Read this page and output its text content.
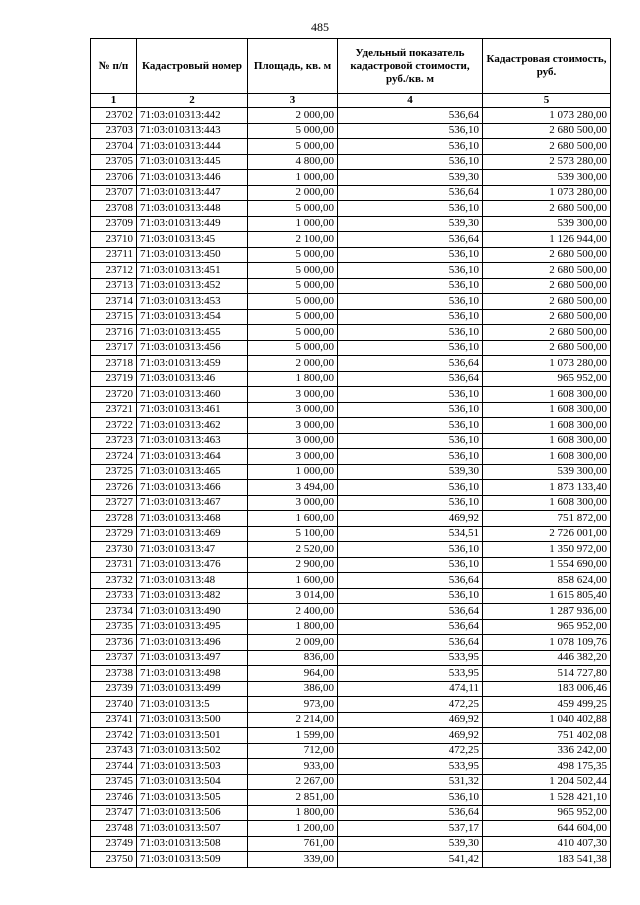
485
№ п/п	Кадастровый номер	Площадь, кв. м	Удельный показатель кадастровой стоимости, руб./кв. м	Кадастровая стоимость, руб.
1	2	3	4	5
23702	71:03:010313:442	2 000,00	536,64	1 073 280,00
23703	71:03:010313:443	5 000,00	536,10	2 680 500,00
23704	71:03:010313:444	5 000,00	536,10	2 680 500,00
23705	71:03:010313:445	4 800,00	536,10	2 573 280,00
23706	71:03:010313:446	1 000,00	539,30	539 300,00
23707	71:03:010313:447	2 000,00	536,64	1 073 280,00
23708	71:03:010313:448	5 000,00	536,10	2 680 500,00
23709	71:03:010313:449	1 000,00	539,30	539 300,00
23710	71:03:010313:45	2 100,00	536,64	1 126 944,00
23711	71:03:010313:450	5 000,00	536,10	2 680 500,00
23712	71:03:010313:451	5 000,00	536,10	2 680 500,00
23713	71:03:010313:452	5 000,00	536,10	2 680 500,00
23714	71:03:010313:453	5 000,00	536,10	2 680 500,00
23715	71:03:010313:454	5 000,00	536,10	2 680 500,00
23716	71:03:010313:455	5 000,00	536,10	2 680 500,00
23717	71:03:010313:456	5 000,00	536,10	2 680 500,00
23718	71:03:010313:459	2 000,00	536,64	1 073 280,00
23719	71:03:010313:46	1 800,00	536,64	965 952,00
23720	71:03:010313:460	3 000,00	536,10	1 608 300,00
23721	71:03:010313:461	3 000,00	536,10	1 608 300,00
23722	71:03:010313:462	3 000,00	536,10	1 608 300,00
23723	71:03:010313:463	3 000,00	536,10	1 608 300,00
23724	71:03:010313:464	3 000,00	536,10	1 608 300,00
23725	71:03:010313:465	1 000,00	539,30	539 300,00
23726	71:03:010313:466	3 494,00	536,10	1 873 133,40
23727	71:03:010313:467	3 000,00	536,10	1 608 300,00
23728	71:03:010313:468	1 600,00	469,92	751 872,00
23729	71:03:010313:469	5 100,00	534,51	2 726 001,00
23730	71:03:010313:47	2 520,00	536,10	1 350 972,00
23731	71:03:010313:476	2 900,00	536,10	1 554 690,00
23732	71:03:010313:48	1 600,00	536,64	858 624,00
23733	71:03:010313:482	3 014,00	536,10	1 615 805,40
23734	71:03:010313:490	2 400,00	536,64	1 287 936,00
23735	71:03:010313:495	1 800,00	536,64	965 952,00
23736	71:03:010313:496	2 009,00	536,64	1 078 109,76
23737	71:03:010313:497	836,00	533,95	446 382,20
23738	71:03:010313:498	964,00	533,95	514 727,80
23739	71:03:010313:499	386,00	474,11	183 006,46
23740	71:03:010313:5	973,00	472,25	459 499,25
23741	71:03:010313:500	2 214,00	469,92	1 040 402,88
23742	71:03:010313:501	1 599,00	469,92	751 402,08
23743	71:03:010313:502	712,00	472,25	336 242,00
23744	71:03:010313:503	933,00	533,95	498 175,35
23745	71:03:010313:504	2 267,00	531,32	1 204 502,44
23746	71:03:010313:505	2 851,00	536,10	1 528 421,10
23747	71:03:010313:506	1 800,00	536,64	965 952,00
23748	71:03:010313:507	1 200,00	537,17	644 604,00
23749	71:03:010313:508	761,00	539,30	410 407,30
23750	71:03:010313:509	339,00	541,42	183 541,38
